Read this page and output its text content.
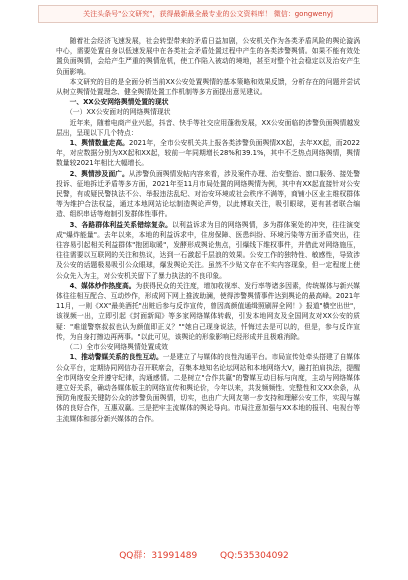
关注头条号"公文研究"，获得最新最全最专业的公文资料库！ 微信：gongwenyj

随着社会经济飞速发展，社会转型带来的矛盾日益加剧，公安机关作为各类矛盾风险的舆论漩涡中心，需要处置自身以低速发展中在各类社会矛盾处置过程中产生的各类涉警舆情。如果不能有效处置负面舆情，会给产生严重的舆情危机，使工作陷入被动的境地，甚至对整个社会稳定以及治安产生负面影响。

本文研究的目的是全面分析当前XX公安处置舆情的基本策略和效果反馈，分析存在的问题并尝试从树立舆情处置理念、健全舆情处置工作机制等多方面提出意见建议。

一、XX公安网络舆情处置的现状

（一）XX公安面对的网络舆情现状

近年来，随着电商产业兴起，抖音、快手等社交应用蓬勃发展，XX公安面临的涉警负面舆情越发层出，呈现以下几个特点：

1、舆情数量走高。2021年，全市公安机关共上报各类涉警负面舆情XX起，去年XX起，而2022年，对应数据分别为XX起和XX起，较前一年同期增长28%和39.1%，其中不乏热点网络舆情，舆情数量较2021年相比大幅增长。

2、舆情涉及面广。从涉警负面舆情发帖内容来看，涉及案件办理、治安整治、窗口服务、接处警投诉、征地拆迁矛盾等多方面，2021年至11月市局处置的网络舆情为例，其中有XX起直接针对公安民警，有或疑民警执法不公、举报违法乱纪、对治安环境或社会秩序不满等，商铺小区业主维权群体等为维护合法权益，通过本地网站论坛制造舆论声势，以此博取关注，吸引眼球，更有甚者联合编造、组织串话等炮制引发群体性事件。

3、各路群体利益关系错综复杂。以利益诉求为目的网络舆情，多为群体案处的冲突，往往演变成"爆炸能量"。去年以来，本地的利益诉求中，住房保障、医患纠纷、环境污染等方面矛盾突出，往往容易引起相关利益群体"抱团取暖"，发酵形成舆论焦点，引爆线下维权事件，并借此对网络施压，往往需要以互联网的关注和热议，达到一石激起千层浪的效果。公安工作的独特性、敏感性，导致涉及公安的话题极易吸引公众眼球，爆发舆论关注。虽然不少贴文存在不实内容现象，但一定程度上使公众先入为主，对公安机关留下了暴力执法的不良印象。

4、媒体炒作热度高。为获得民众的关注度，增加收视率、发行率等诸多因素，传统媒体与新兴媒体往往相互配合、互动炒作，形成网下网上推波助澜，使得涉警舆情事件达到舆论的最高峰。2021年11月，一则《XX"最美酒托"出赃后参与反诈宣传，曾因高颜值通缉照刷屏全网！》报道"横空出世"，该视频一出，立即引起《封面新闻》等多家网络媒体转载，引发本地网友及全国网友对XX公安的质疑："难道警察叔叔也认为颜值即正义？""她自己现身说法，忏悔过去是可以的，但是，参与反诈宣传，为自身打擦边再两事。"以此可见，该舆论的形象影响已经形成并且极难消除。

（二）全市公安网络舆情处置成效

1、推动警媒关系的良性互动。一是建立了与媒体的良性沟通平台。市局宣传处牵头搭建了自媒体公众平台，定期协同网信办召开联席会，召集本地知名论坛网站和本地网络大V，融打拍肩执法，提醒全市网络安全并遵守纪律，沟通感情。二是树立"合作共赢"的警媒互动目标与向度，主动与网络媒体建立好关系，确动各媒体版主的网络宣传和舆论价，今年以来，共发频频性、完整性和文XX余条，从预防角度报关键防公众的涉警负面舆情，切实，也由广大网友第一步支持和理解公安工作，实现与媒体的良好合作，互惠双赢。三是把牢主流媒体的舆论导向。市局注意加强与XX本地的报刊、电视台等主流媒体和部分新兴媒体的合作。

QQ群：31991489	QQ:535304092
